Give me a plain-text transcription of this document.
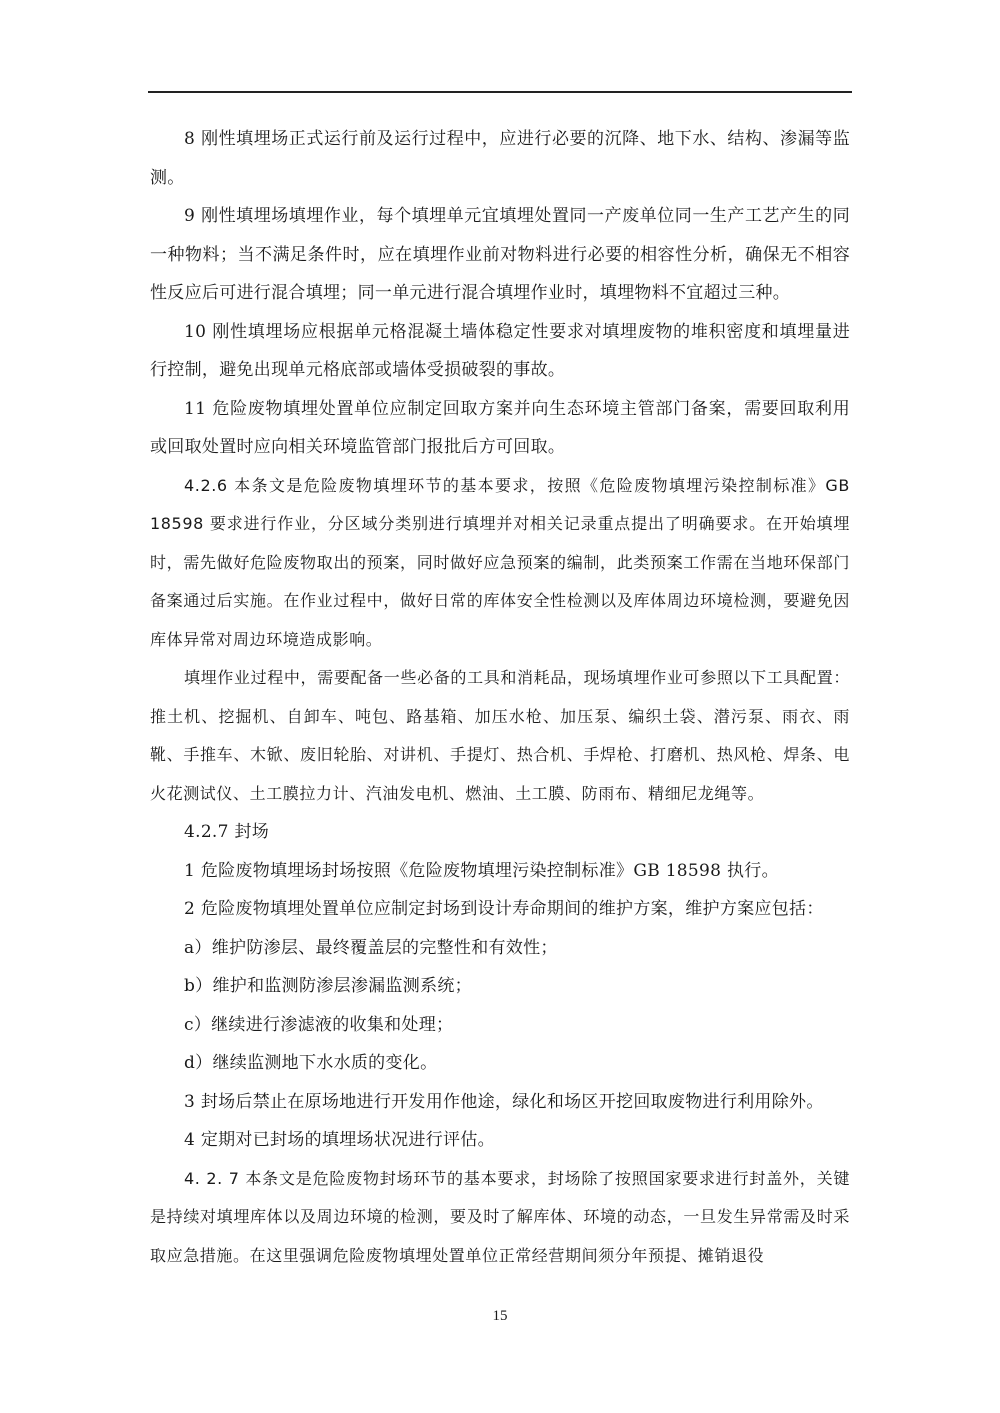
8 刚性填埋场正式运行前及运行过程中，应进行必要的沉降、地下水、结构、渗漏等监测。

9 刚性填埋场填埋作业，每个填埋单元宜填埋处置同一产废单位同一生产工艺产生的同一种物料；当不满足条件时，应在填埋作业前对物料进行必要的相容性分析，确保无不相容性反应后可进行混合填埋；同一单元进行混合填埋作业时，填埋物料不宜超过三种。

10 刚性填埋场应根据单元格混凝土墙体稳定性要求对填埋废物的堆积密度和填埋量进行控制，避免出现单元格底部或墙体受损破裂的事故。

11 危险废物填埋处置单位应制定回取方案并向生态环境主管部门备案，需要回取利用或回取处置时应向相关环境监管部门报批后方可回取。

4.2.6 本条文是危险废物填埋环节的基本要求，按照《危险废物填埋污染控制标准》GB 18598 要求进行作业，分区域分类别进行填埋并对相关记录重点提出了明确要求。在开始填埋时，需先做好危险废物取出的预案，同时做好应急预案的编制，此类预案工作需在当地环保部门备案通过后实施。在作业过程中，做好日常的库体安全性检测以及库体周边环境检测，要避免因库体异常对周边环境造成影响。

填埋作业过程中，需要配备一些必备的工具和消耗品，现场填埋作业可参照以下工具配置：推土机、挖掘机、自卸车、吨包、路基箱、加压水枪、加压泵、编织土袋、潜污泵、雨衣、雨靴、手推车、木锨、废旧轮胎、对讲机、手提灯、热合机、手焊枪、打磨机、热风枪、焊条、电火花测试仪、土工膜拉力计、汽油发电机、燃油、土工膜、防雨布、精细尼龙绳等。

4.2.7 封场

1 危险废物填埋场封场按照《危险废物填埋污染控制标准》GB 18598 执行。

2 危险废物填埋处置单位应制定封场到设计寿命期间的维护方案，维护方案应包括：

a）维护防渗层、最终覆盖层的完整性和有效性；

b）维护和监测防渗层渗漏监测系统；

c）继续进行渗滤液的收集和处理；

d）继续监测地下水水质的变化。

3 封场后禁止在原场地进行开发用作他途，绿化和场区开挖回取废物进行利用除外。

4 定期对已封场的填埋场状况进行评估。

4. 2. 7 本条文是危险废物封场环节的基本要求，封场除了按照国家要求进行封盖外，关键是持续对填埋库体以及周边环境的检测，要及时了解库体、环境的动态，一旦发生异常需及时采取应急措施。在这里强调危险废物填埋处置单位正常经营期间须分年预提、摊销退役

15
